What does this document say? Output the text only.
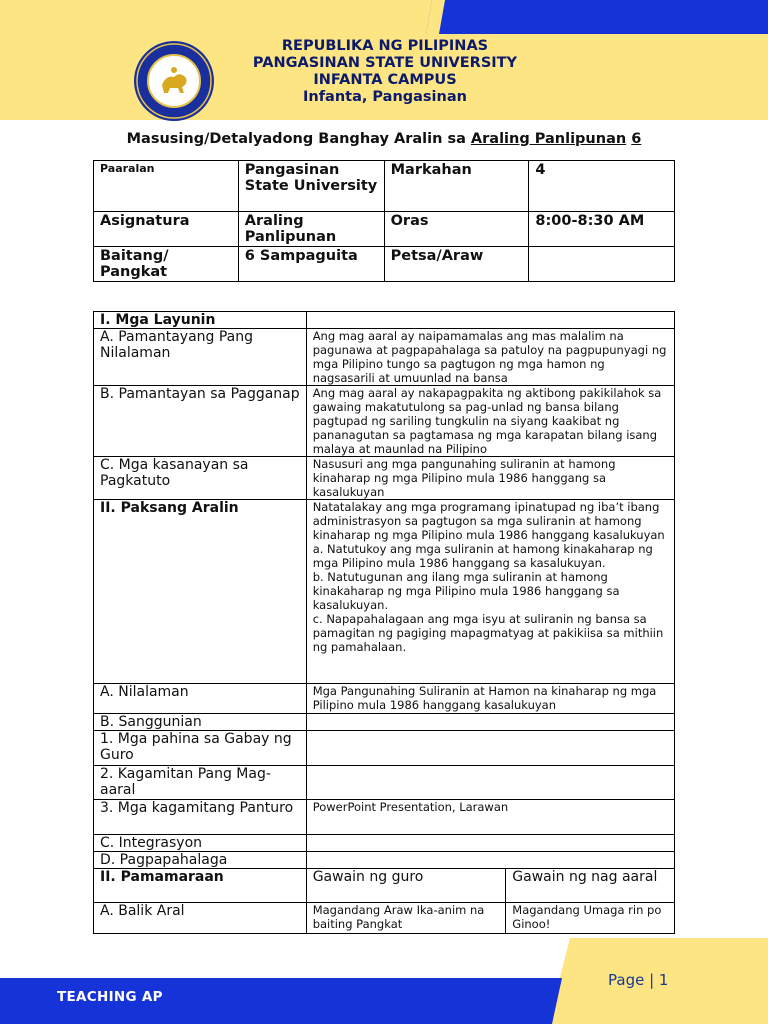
REPUBLIKA NG PILIPINAS
PANGASINAN STATE UNIVERSITY
INFANTA CAMPUS
Infanta, Pangasinan
Masusing/Detalyadong Banghay Aralin sa Araling Panlipunan 6
Paaralan	Pangasinan State University	Markahan	4
Asignatura	Araling Panlipunan	Oras	8:00-8:30 AM
Baitang/ Pangkat	6 Sampaguita	Petsa/Araw	
I. Mga Layunin		
A. Pamantayang Pang Nilalaman	Ang mag aaral ay naipamamalas ang mas malalim na pagunawa at pagpapahalaga sa patuloy na pagpupunyagi ng mga Pilipino tungo sa pagtugon ng mga hamon ng nagsasarili at umuunlad na bansa	
B. Pamantayan sa Pagganap	Ang mag aaral ay nakapagpakita ng aktibong pakikilahok sa gawaing makatutulong sa pag-unlad ng bansa bilang pagtupad ng sariling tungkulin na siyang kaakibat ng pananagutan sa pagtamasa ng mga karapatan bilang isang malaya at maunlad na Pilipino	
C. Mga kasanayan sa Pagkatuto	Nasusuri ang mga pangunahing suliranin at hamong kinaharap ng mga Pilipino mula 1986 hanggang sa kasalukuyan	
II. Paksang Aralin	Natatalakay ang mga programang ipinatupad ng iba’t ibang administrasyon sa pagtugon sa mga suliranin at hamong kinaharap ng mga Pilipino mula 1986 hanggang kasalukuyan
a. Natutukoy ang mga suliranin at hamong kinakaharap ng mga Pilipino mula 1986 hanggang sa kasalukuyan.
b. Natutugunan ang ilang mga suliranin at hamong kinakaharap ng mga Pilipino mula 1986 hanggang sa kasalukuyan.
c. Napapahalagaan ang mga isyu at suliranin ng bansa sa pamagitan ng pagiging mapagmatyag at pakikiisa sa mithiin ng pamahalaan.	

A. Nilalaman	Mga Pangunahing Suliranin at Hamon na kinaharap ng mga Pilipino mula 1986 hanggang kasalukuyan	
B. Sanggunian		
1. Mga pahina sa Gabay ng Guro		
2. Kagamitan Pang Mag-aaral		
3. Mga kagamitang Panturo	PowerPoint Presentation, Larawan	
C. Integrasyon		
D. Pagpapahalaga		
II. Pamamaraan	Gawain ng guro	Gawain ng nag aaral
A. Balik Aral	Magandang Araw Ika-anim na baiting Pangkat	Magandang Umaga rin po Ginoo!
TEACHING AP
Page | 1
